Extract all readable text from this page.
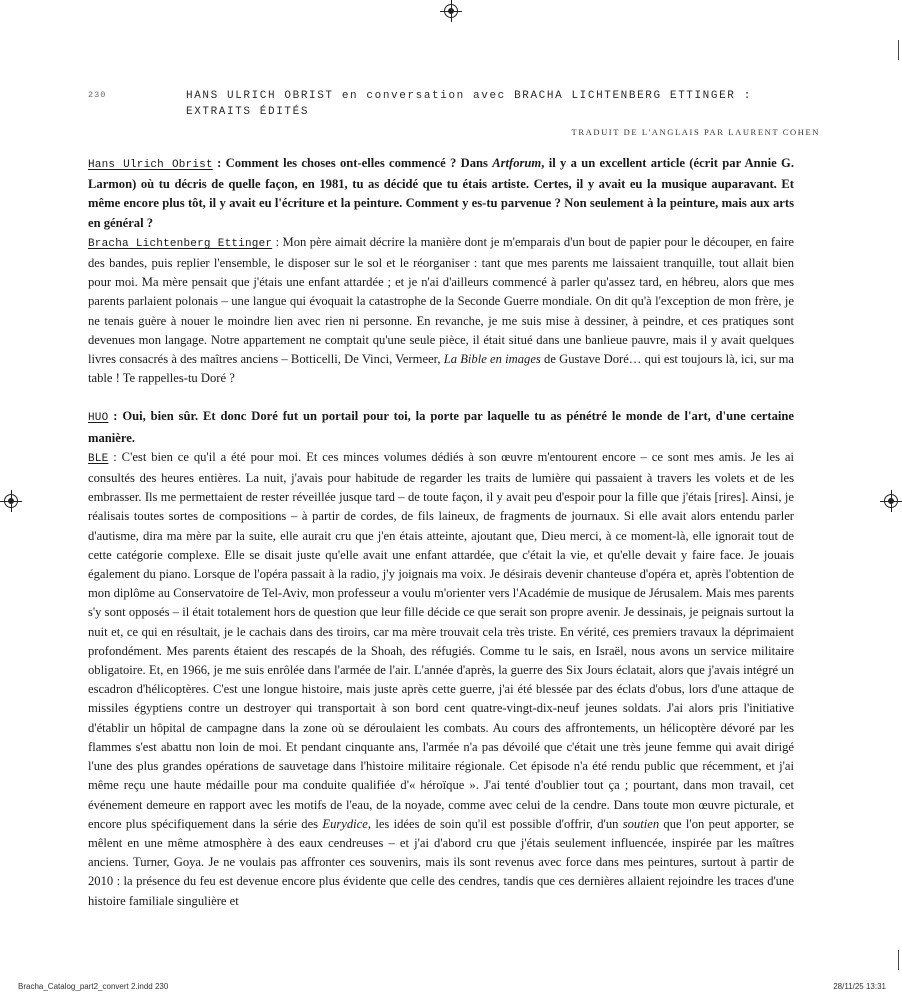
230	HANS ULRICH OBRIST en conversation avec BRACHA LICHTENBERG ETTINGER :
EXTRAITS ÉDITÉS
TRADUIT DE L'ANGLAIS PAR LAURENT COHEN

Hans Ulrich Obrist : Comment les choses ont-elles commencé ? Dans Artforum, il y a un excellent article (écrit par Annie G. Larmon) où tu décris de quelle façon, en 1981, tu as décidé que tu étais artiste. Certes, il y avait eu la musique auparavant. Et même encore plus tôt, il y avait eu l'écriture et la peinture. Comment y es-tu parvenue ? Non seulement à la peinture, mais aux arts en général ?

Bracha Lichtenberg Ettinger : Mon père aimait décrire la manière dont je m'emparais d'un bout de papier pour le découper, en faire des bandes, puis replier l'ensemble, le disposer sur le sol et le réorganiser : tant que mes parents me laissaient tranquille, tout allait bien pour moi. Ma mère pensait que j'étais une enfant attardée ; et je n'ai d'ailleurs commencé à parler qu'assez tard, en hébreu, alors que mes parents parlaient polonais – une langue qui évoquait la catastrophe de la Seconde Guerre mondiale. On dit qu'à l'exception de mon frère, je ne tenais guère à nouer le moindre lien avec rien ni personne. En revanche, je me suis mise à dessiner, à peindre, et ces pratiques sont devenues mon langage. Notre appartement ne comptait qu'une seule pièce, il était situé dans une banlieue pauvre, mais il y avait quelques livres consacrés à des maîtres anciens – Botticelli, De Vinci, Vermeer, La Bible en images de Gustave Doré… qui est toujours là, ici, sur ma table ! Te rappelles-tu Doré ?

HUO : Oui, bien sûr. Et donc Doré fut un portail pour toi, la porte par laquelle tu as pénétré le monde de l'art, d'une certaine manière.

BLE : C'est bien ce qu'il a été pour moi. Et ces minces volumes dédiés à son œuvre m'entourent encore – ce sont mes amis. Je les ai consultés des heures entières. La nuit, j'avais pour habitude de regarder les traits de lumière qui passaient à travers les volets et de les embrasser. Ils me permettaient de rester réveillée jusque tard – de toute façon, il y avait peu d'espoir pour la fille que j'étais [rires]. Ainsi, je réalisais toutes sortes de compositions – à partir de cordes, de fils laineux, de fragments de journaux. Si elle avait alors entendu parler d'autisme, dira ma mère par la suite, elle aurait cru que j'en étais atteinte, ajoutant que, Dieu merci, à ce moment-là, elle ignorait tout de cette catégorie complexe. Elle se disait juste qu'elle avait une enfant attardée, que c'était la vie, et qu'elle devait y faire face. Je jouais également du piano. Lorsque de l'opéra passait à la radio, j'y joignais ma voix. Je désirais devenir chanteuse d'opéra et, après l'obtention de mon diplôme au Conservatoire de Tel-Aviv, mon professeur a voulu m'orienter vers l'Académie de musique de Jérusalem. Mais mes parents s'y sont opposés – il était totalement hors de question que leur fille décide ce que serait son propre avenir. Je dessinais, je peignais surtout la nuit et, ce qui en résultait, je le cachais dans des tiroirs, car ma mère trouvait cela très triste. En vérité, ces premiers travaux la déprimaient profondément. Mes parents étaient des rescapés de la Shoah, des réfugiés. Comme tu le sais, en Israël, nous avons un service militaire obligatoire. Et, en 1966, je me suis enrôlée dans l'armée de l'air. L'année d'après, la guerre des Six Jours éclatait, alors que j'avais intégré un escadron d'hélicoptères. C'est une longue histoire, mais juste après cette guerre, j'ai été blessée par des éclats d'obus, lors d'une attaque de missiles égyptiens contre un destroyer qui transportait à son bord cent quatre-vingt-dix-neuf jeunes soldats. J'ai alors pris l'initiative d'établir un hôpital de campagne dans la zone où se déroulaient les combats. Au cours des affrontements, un hélicoptère dévoré par les flammes s'est abattu non loin de moi. Et pendant cinquante ans, l'armée n'a pas dévoilé que c'était une très jeune femme qui avait dirigé l'une des plus grandes opérations de sauvetage dans l'histoire militaire régionale. Cet épisode n'a été rendu public que récemment, et j'ai même reçu une haute médaille pour ma conduite qualifiée d'« héroïque ». J'ai tenté d'oublier tout ça ; pourtant, dans mon travail, cet événement demeure en rapport avec les motifs de l'eau, de la noyade, comme avec celui de la cendre. Dans toute mon œuvre picturale, et encore plus spécifiquement dans la série des Eurydice, les idées de soin qu'il est possible d'offrir, d'un soutien que l'on peut apporter, se mêlent en une même atmosphère à des eaux cendreuses – et j'ai d'abord cru que j'étais seulement influencée, inspirée par les maîtres anciens. Turner, Goya. Je ne voulais pas affronter ces souvenirs, mais ils sont revenus avec force dans mes peintures, surtout à partir de 2010 : la présence du feu est devenue encore plus évidente que celle des cendres, tandis que ces dernières allaient rejoindre les traces d'une histoire familiale singulière et

Bracha_Catalog_part2_convert 2.indd 230	28/11/25 13:31
